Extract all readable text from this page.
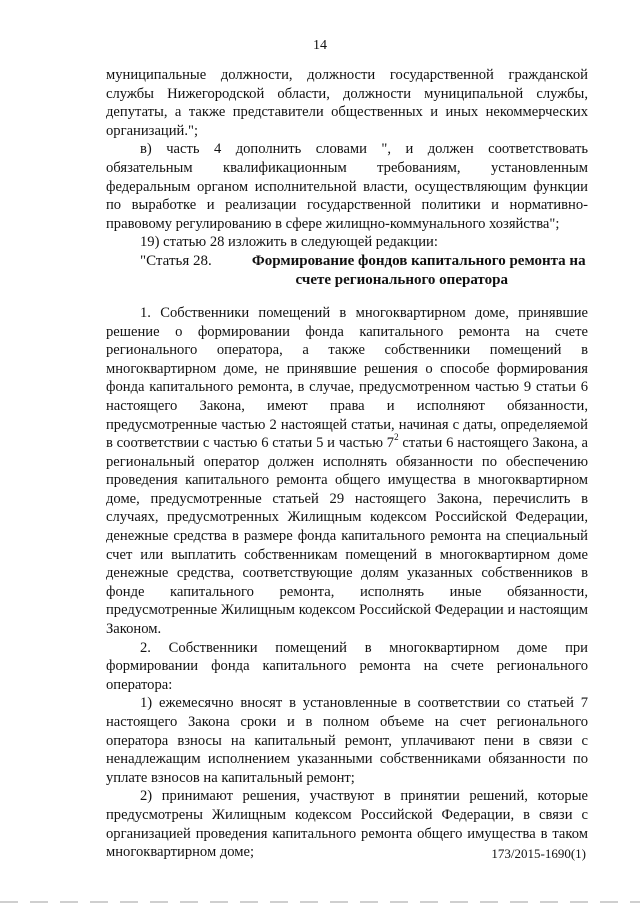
14

муниципальные должности, должности государственной гражданской службы Нижегородской области, должности муниципальной службы, депутаты, а также представители общественных и иных некоммерческих организаций.";

в) часть 4 дополнить словами ", и должен соответствовать обязательным квалификационным требованиям, установленным федеральным органом исполнительной власти, осуществляющим функции по выработке и реализации государственной политики и нормативно-правовому регулированию в сфере жилищно-коммунального хозяйства";

19) статью 28 изложить в следующей редакции:

"Статья 28.	Формирование фондов капитального ремонта на счете регионального оператора

1. Собственники помещений в многоквартирном доме, принявшие решение о формировании фонда капитального ремонта на счете регионального оператора, а также собственники помещений в многоквартирном доме, не принявшие решения о способе формирования фонда капитального ремонта, в случае, предусмотренном частью 9 статьи 6 настоящего Закона, имеют права и исполняют обязанности, предусмотренные частью 2 настоящей статьи, начиная с даты, определяемой в соответствии с частью 6 статьи 5 и частью $7^2$ статьи 6 настоящего Закона, а региональный оператор должен исполнять обязанности по обеспечению проведения капитального ремонта общего имущества в многоквартирном доме, предусмотренные статьей 29 настоящего Закона, перечислить в случаях, предусмотренных Жилищным кодексом Российской Федерации, денежные средства в размере фонда капитального ремонта на специальный счет или выплатить собственникам помещений в многоквартирном доме денежные средства, соответствующие долям указанных собственников в фонде капитального ремонта, исполнять иные обязанности, предусмотренные Жилищным кодексом Российской Федерации и настоящим Законом.

2. Собственники помещений в многоквартирном доме при формировании фонда капитального ремонта на счете регионального оператора:

1) ежемесячно вносят в установленные в соответствии со статьей 7 настоящего Закона сроки и в полном объеме на счет регионального оператора взносы на капитальный ремонт, уплачивают пени в связи с ненадлежащим исполнением указанными собственниками обязанности по уплате взносов на капитальный ремонт;

2) принимают решения, участвуют в принятии решений, которые предусмотрены Жилищным кодексом Российской Федерации, в связи с организацией проведения капитального ремонта общего имущества в таком многоквартирном доме;	173/2015-1690(1)
